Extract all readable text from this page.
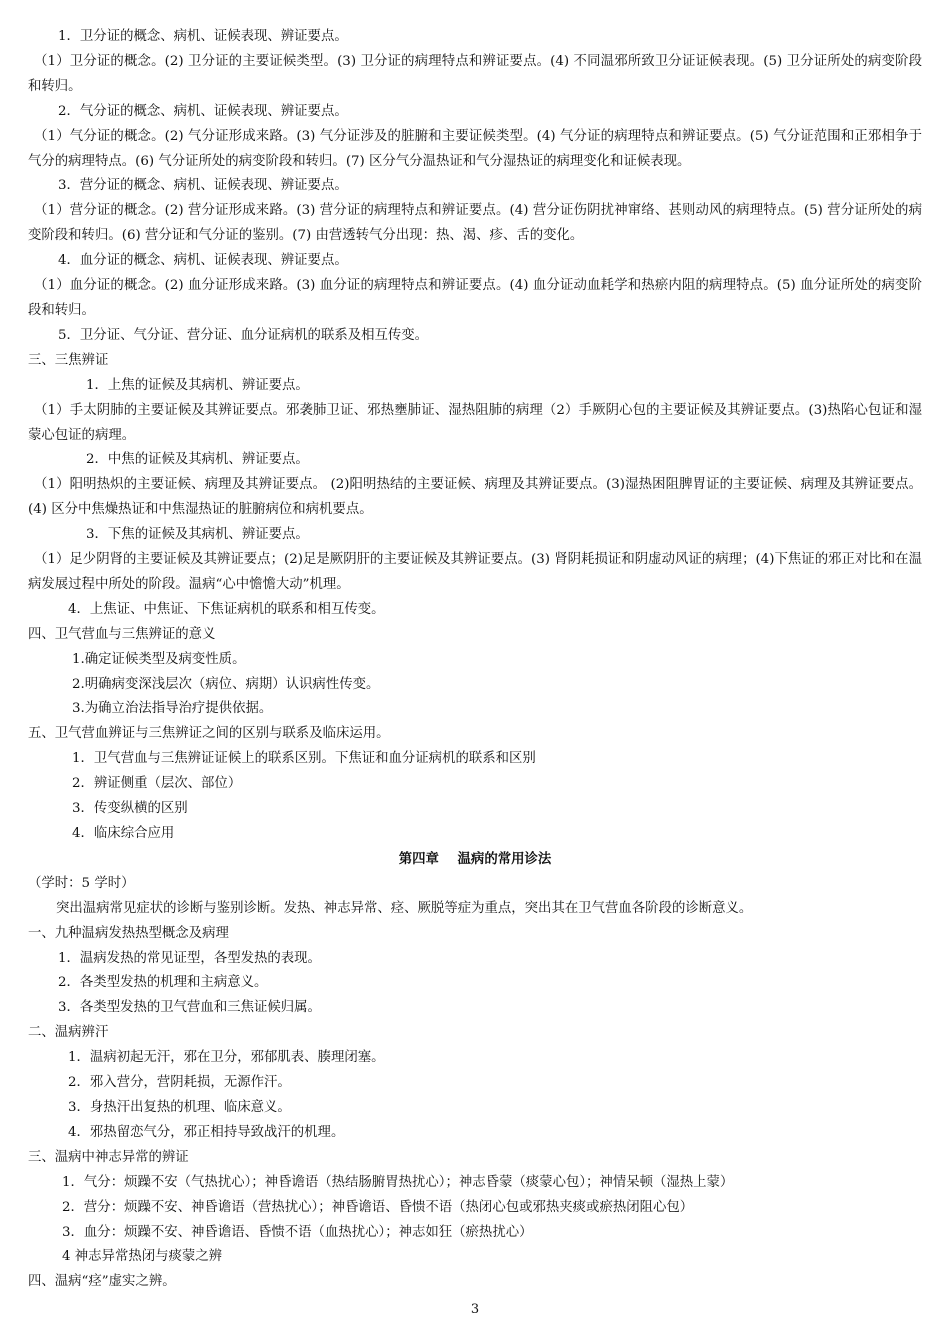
1．卫分证的概念、病机、证候表现、辨证要点。
（1）卫分证的概念。(2) 卫分证的主要证候类型。(3) 卫分证的病理特点和辨证要点。(4) 不同温邪所致卫分证证候表现。(5) 卫分证所处的病变阶段和转归。
2．气分证的概念、病机、证候表现、辨证要点。
（1）气分证的概念。(2) 气分证形成来路。(3) 气分证涉及的脏腑和主要证候类型。(4) 气分证的病理特点和辨证要点。(5) 气分证范围和正邪相争于气分的病理特点。(6) 气分证所处的病变阶段和转归。(7) 区分气分温热证和气分湿热证的病理变化和证候表现。
3．营分证的概念、病机、证候表现、辨证要点。
（1）营分证的概念。(2) 营分证形成来路。(3) 营分证的病理特点和辨证要点。(4) 营分证伤阴扰神窜络、甚则动风的病理特点。(5) 营分证所处的病变阶段和转归。(6) 营分证和气分证的鉴别。(7) 由营透转气分出现：热、渴、疹、舌的变化。
4．血分证的概念、病机、证候表现、辨证要点。
（1）血分证的概念。(2) 血分证形成来路。(3) 血分证的病理特点和辨证要点。(4) 血分证动血耗学和热瘀内阻的病理特点。(5) 血分证所处的病变阶段和转归。
5．卫分证、气分证、营分证、血分证病机的联系及相互传变。
三、三焦辨证
1．上焦的证候及其病机、辨证要点。
（1）手太阴肺的主要证候及其辨证要点。邪袭肺卫证、邪热壅肺证、湿热阻肺的病理（2）手厥阴心包的主要证候及其辨证要点。(3)热陷心包证和湿蒙心包证的病理。
2．中焦的证候及其病机、辨证要点。
（1）阳明热炽的主要证候、病理及其辨证要点。 (2)阳明热结的主要证候、病理及其辨证要点。(3)湿热困阻脾胃证的主要证候、病理及其辨证要点。(4) 区分中焦燥热证和中焦湿热证的脏腑病位和病机要点。
3．下焦的证候及其病机、辨证要点。
（1）足少阴肾的主要证候及其辨证要点；(2)足是厥阴肝的主要证候及其辨证要点。(3) 肾阴耗损证和阴虚动风证的病理；(4)下焦证的邪正对比和在温病发展过程中所处的阶段。温病“心中憺憺大动”机理。
4．上焦证、中焦证、下焦证病机的联系和相互传变。
四、卫气营血与三焦辨证的意义
1.确定证候类型及病变性质。
2.明确病变深浅层次（病位、病期）认识病性传变。
3.为确立治法指导治疗提供依据。
五、卫气营血辨证与三焦辨证之间的区别与联系及临床运用。
1．卫气营血与三焦辨证证候上的联系区别。下焦证和血分证病机的联系和区别
2．辨证侧重（层次、部位）
3．传变纵横的区别
4．临床综合应用
第四章    温病的常用诊法
（学时：5 学时）
突出温病常见症状的诊断与鉴别诊断。发热、神志异常、痉、厥脱等症为重点，突出其在卫气营血各阶段的诊断意义。
一、九种温病发热热型概念及病理
1．温病发热的常见证型，各型发热的表现。
2．各类型发热的机理和主病意义。
3．各类型发热的卫气营血和三焦证候归属。
二、温病辨汗
1．温病初起无汗，邪在卫分，邪郁肌表、腠理闭塞。
2．邪入营分，营阴耗损，无源作汗。
3．身热汗出复热的机理、临床意义。
4．邪热留恋气分，邪正相持导致战汗的机理。
三、温病中神志异常的辨证
1．气分：烦躁不安（气热扰心）；神昏谵语（热结肠腑胃热扰心）；神志昏蒙（痰蒙心包）；神情呆顿（湿热上蒙）
2．营分：烦躁不安、神昏谵语（营热扰心）；神昏谵语、昏愦不语（热闭心包或邪热夹痰或瘀热闭阻心包）
3．血分：烦躁不安、神昏谵语、昏愦不语（血热扰心）；神志如狂（瘀热扰心）
4 神志异常热闭与痰蒙之辨
四、温病“痉”虚实之辨。
3
